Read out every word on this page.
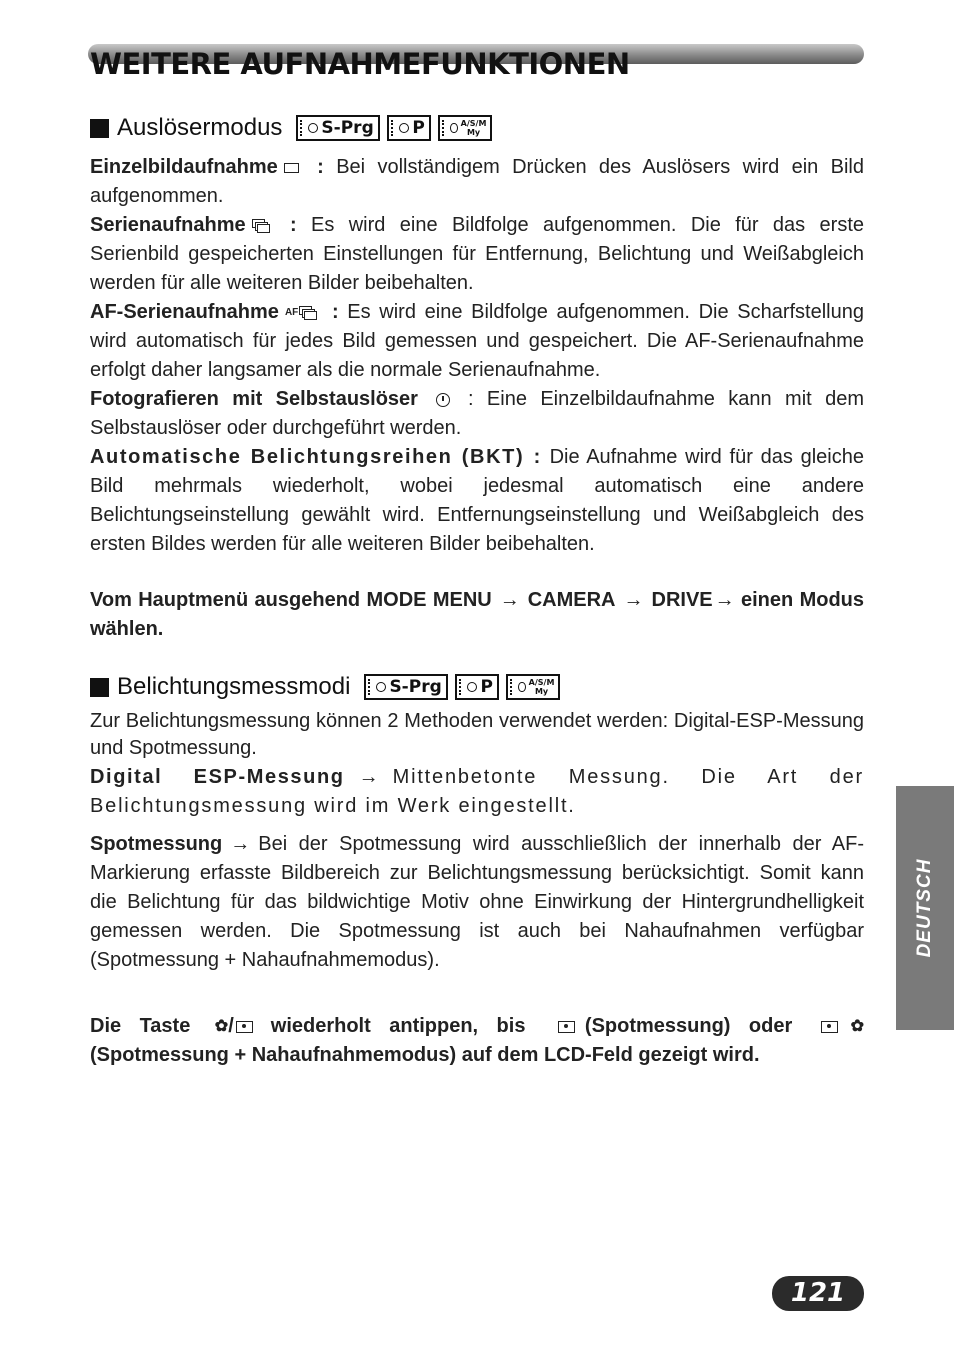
WEITERE AUFNAHMEFUNKTIONEN
Auslösermodus S-Prg P	A/S/M
My

Einzelbildaufnahme : Bei vollständigem Drücken des Auslösers wird ein Bild aufgenommen.

Serienaufnahme : Es wird eine Bildfolge aufgenommen. Die für das erste Serienbild gespeicherten Einstellungen für Entfernung, Belichtung und Weißabgleich werden für alle weiteren Bilder beibehalten.

AF-Serienaufnahme AF : Es wird eine Bildfolge aufgenommen. Die Scharfstellung wird automatisch für jedes Bild gemessen und gespeichert. Die AF-Serienaufnahme erfolgt daher langsamer als die normale Serienaufnahme.

Fotografieren mit Selbstauslöser	: Eine Einzelbildaufnahme kann mit dem Selbstauslöser oder durchgeführt werden.

Automatische Belichtungsreihen (BKT) : Die Aufnahme wird für das gleiche Bild mehrmals wiederholt, wobei jedesmal automatisch eine andere Belichtungseinstellung gewählt wird. Entfernungseinstellung und Weißabgleich des ersten Bildes werden für alle weiteren Bilder beibehalten.

Vom Hauptmenü ausgehend MODE MENU → CAMERA → DRIVE → einen Modus wählen.

Belichtungsmessmodi S-Prg P	A/S/M
My

Zur Belichtungsmessung können 2 Methoden verwendet werden: Digital-ESP-Messung und Spotmessung.

Digital ESP-Messung → Mittenbetonte Messung. Die Art der Belichtungsmessung wird im Werk eingestellt.

Spotmessung → Bei der Spotmessung wird ausschließlich der innerhalb der AF-Markierung erfasste Bildbereich zur Belichtungsmessung berücksichtigt. Somit kann die Belichtung für das bildwichtige Motiv ohne Einwirkung der Hintergrundhelligkeit gemessen werden. Die Spotmessung ist auch bei Nahaufnahmen verfügbar (Spotmessung + Nahaufnahmemodus).

Die Taste ✿/ wiederholt antippen, bis	(Spotmessung) oder	✿ (Spotmessung + Nahaufnahmemodus) auf dem LCD-Feld gezeigt wird.

DEUTSCH
121
